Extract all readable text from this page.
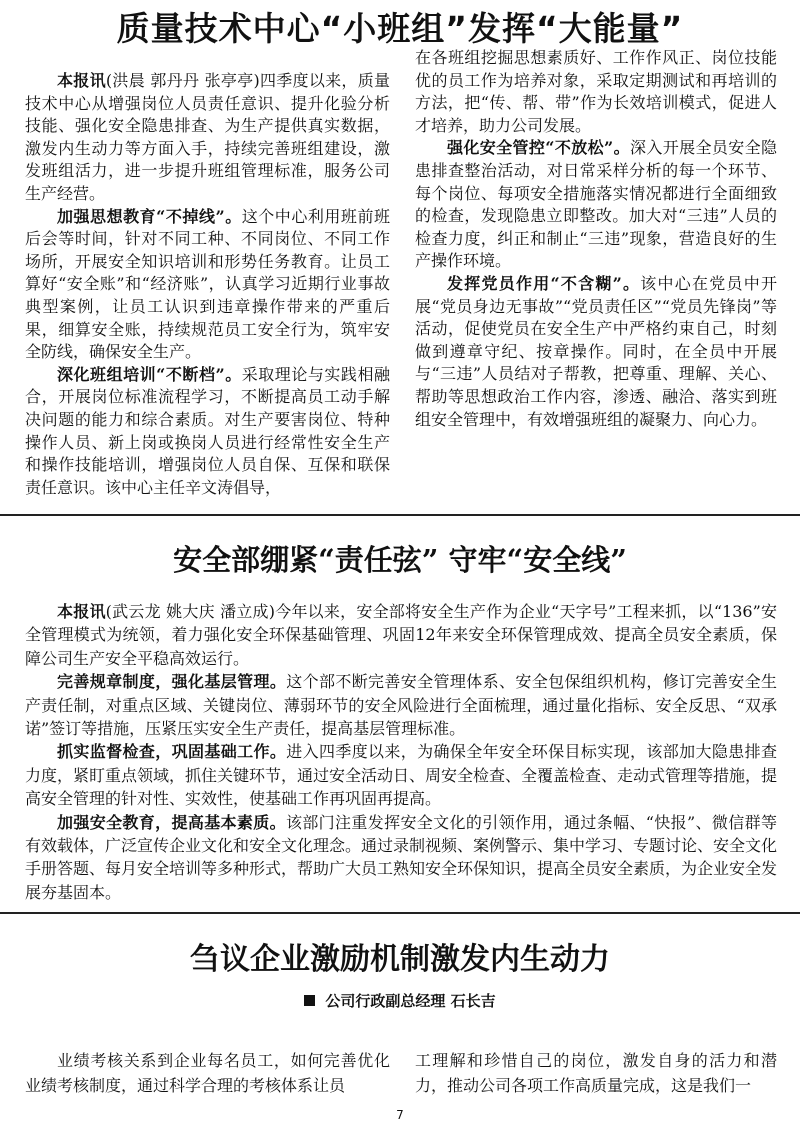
质量技术中心“小班组”发挥“大能量”

本报讯(洪晨 郭丹丹 张亭亭)四季度以来，质量技术中心从增强岗位人员责任意识、提升化验分析技能、强化安全隐患排查、为生产提供真实数据，激发内生动力等方面入手，持续完善班组建设，激发班组活力，进一步提升班组管理标准，服务公司生产经营。

加强思想教育“不掉线”。这个中心利用班前班后会等时间，针对不同工种、不同岗位、不同工作场所，开展安全知识培训和形势任务教育。让员工算好“安全账”和“经济账”，认真学习近期行业事故典型案例，让员工认识到违章操作带来的严重后果，细算安全账，持续规范员工安全行为，筑牢安全防线，确保安全生产。

深化班组培训“不断档”。采取理论与实践相融合，开展岗位标准流程学习，不断提高员工动手解决问题的能力和综合素质。对生产要害岗位、特种操作人员、新上岗或换岗人员进行经常性安全生产和操作技能培训，增强岗位人员自保、互保和联保责任意识。该中心主任辛文涛倡导，

在各班组挖掘思想素质好、工作作风正、岗位技能优的员工作为培养对象，采取定期测试和再培训的方法，把“传、帮、带”作为长效培训模式，促进人才培养，助力公司发展。

强化安全管控“不放松”。深入开展全员安全隐患排查整治活动，对日常采样分析的每一个环节、每个岗位、每项安全措施落实情况都进行全面细致的检查，发现隐患立即整改。加大对“三违”人员的检查力度，纠正和制止“三违”现象，营造良好的生产操作环境。

发挥党员作用“不含糊”。该中心在党员中开展“党员身边无事故”“党员责任区”“党员先锋岗”等活动，促使党员在安全生产中严格约束自己，时刻做到遵章守纪、按章操作。同时，在全员中开展与“三违”人员结对子帮教，把尊重、理解、关心、帮助等思想政治工作内容，渗透、融洽、落实到班组安全管理中，有效增强班组的凝聚力、向心力。

安全部绷紧“责任弦” 守牢“安全线”

本报讯(武云龙 姚大庆 潘立成)今年以来，安全部将安全生产作为企业“天字号”工程来抓，以“136”安全管理模式为统领，着力强化安全环保基础管理、巩固12年来安全环保管理成效、提高全员安全素质，保障公司生产安全平稳高效运行。

完善规章制度，强化基层管理。这个部不断完善安全管理体系、安全包保组织机构，修订完善安全生产责任制，对重点区域、关键岗位、薄弱环节的安全风险进行全面梳理，通过量化指标、安全反思、“双承诺”签订等措施，压紧压实安全生产责任，提高基层管理标准。

抓实监督检查，巩固基础工作。进入四季度以来，为确保全年安全环保目标实现，该部加大隐患排查力度，紧盯重点领域，抓住关键环节，通过安全活动日、周安全检查、全覆盖检查、走动式管理等措施，提高安全管理的针对性、实效性，使基础工作再巩固再提高。

加强安全教育，提高基本素质。该部门注重发挥安全文化的引领作用，通过条幅、“快报”、微信群等有效载体，广泛宣传企业文化和安全文化理念。通过录制视频、案例警示、集中学习、专题讨论、安全文化手册答题、每月安全培训等多种形式，帮助广大员工熟知安全环保知识，提高全员安全素质，为企业安全发展夯基固本。

刍议企业激励机制激发内生动力
公司行政副总经理 石长吉

业绩考核关系到企业每名员工，如何完善优化业绩考核制度，通过科学合理的考核体系让员

工理解和珍惜自己的岗位，激发自身的活力和潜力，推动公司各项工作高质量完成，这是我们一

7
